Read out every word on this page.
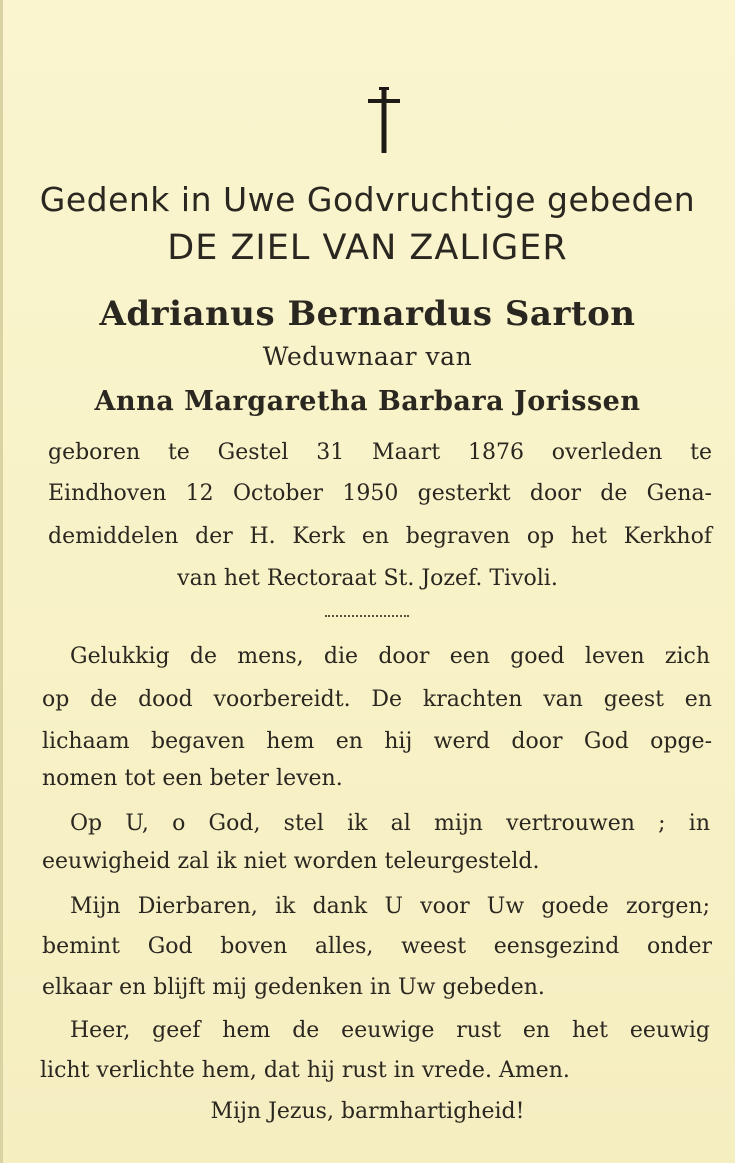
Gedenk in Uwe Godvruchtige gebeden
DE ZIEL VAN ZALIGER
Adrianus Bernardus Sarton
Weduwnaar van
Anna Margaretha Barbara Jorissen
geboren te Gestel 31 Maart 1876 overleden te
Eindhoven 12 October 1950 gesterkt door de Gena-
demiddelen der H. Kerk en begraven op het Kerkhof
van het Rectoraat St. Jozef. Tivoli.
Gelukkig de mens, die door een goed leven zich
op de dood voorbereidt. De krachten van geest en
lichaam begaven hem en hij werd door God opge-
nomen tot een beter leven.
Op U, o God, stel ik al mijn vertrouwen ; in
eeuwigheid zal ik niet worden teleurgesteld.
Mijn Dierbaren, ik dank U voor Uw goede zorgen;
bemint God boven alles, weest eensgezind onder
elkaar en blijft mij gedenken in Uw gebeden.
Heer, geef hem de eeuwige rust en het eeuwig
licht verlichte hem, dat hij rust in vrede. Amen.
Mijn Jezus, barmhartigheid!
